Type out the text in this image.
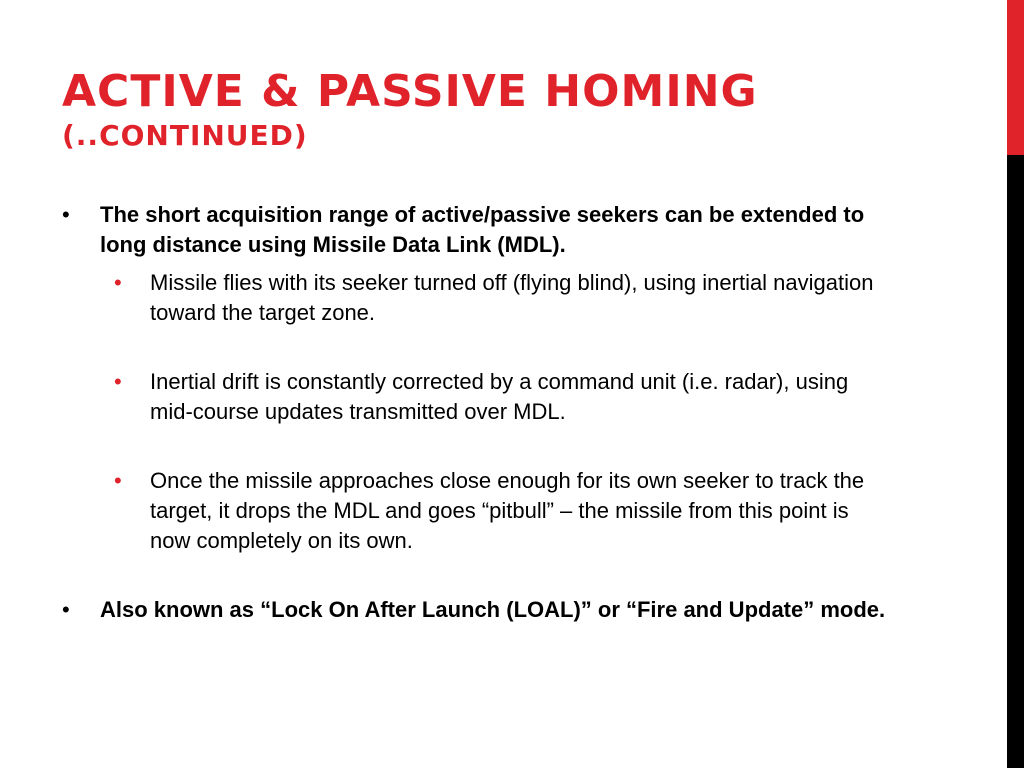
ACTIVE & PASSIVE HOMING
(..CONTINUED)
• The short acquisition range of active/passive seekers can be extended to long distance using Missile Data Link (MDL).
• Missile flies with its seeker turned off (flying blind), using inertial navigation toward the target zone.
• Inertial drift is constantly corrected by a command unit (i.e. radar), using mid-course updates transmitted over MDL.
• Once the missile approaches close enough for its own seeker to track the target, it drops the MDL and goes “pitbull” – the missile from this point is now completely on its own.
• Also known as “Lock On After Launch (LOAL)” or “Fire and Update” mode.
